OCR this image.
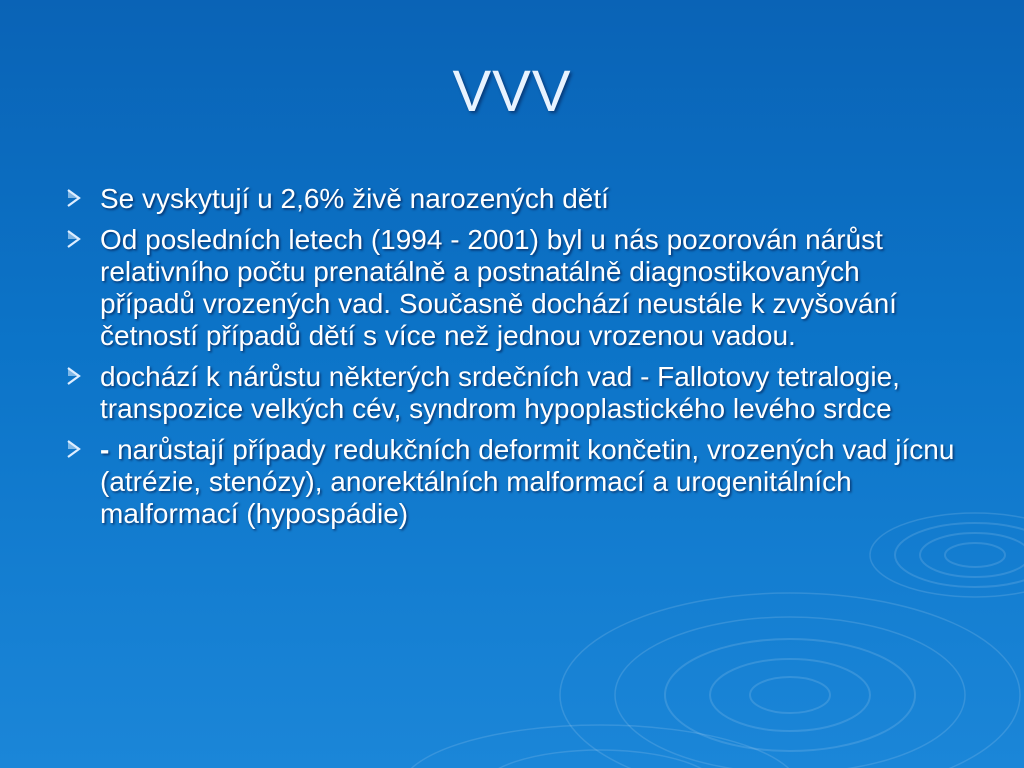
VVV
Se vyskytují u 2,6% živě narozených dětí
Od posledních letech (1994 - 2001) byl u nás pozorován nárůst relativního počtu prenatálně a postnatálně diagnostikovaných případů vrozených vad. Současně dochází neustále k zvyšování četností případů dětí s více než jednou vrozenou vadou.
dochází k nárůstu některých srdečních vad - Fallotovy tetralogie, transpozice velkých cév, syndrom hypoplastického levého srdce
- narůstají případy redukčních deformit končetin, vrozených vad jícnu (atrézie, stenózy), anorektálních malformací a urogenitálních malformací (hypospádie)
